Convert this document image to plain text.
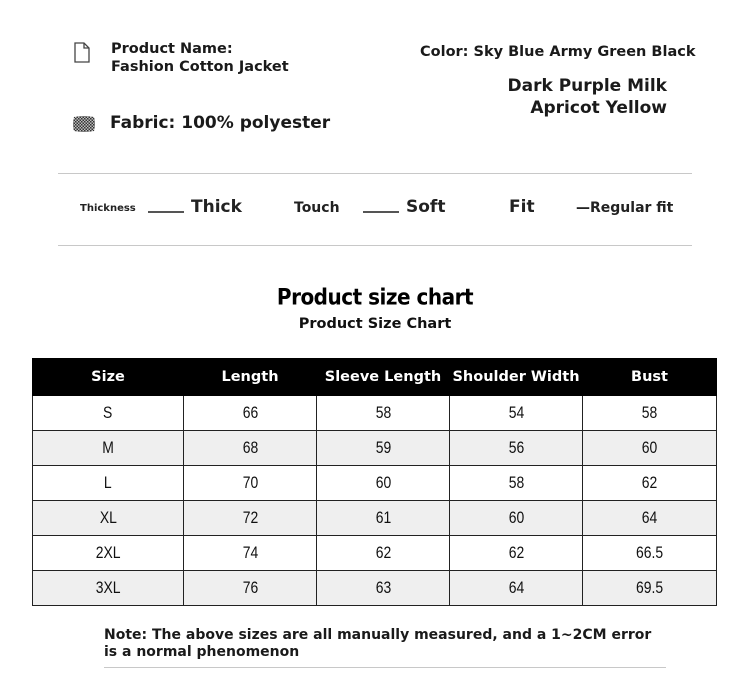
Product Name:
Fashion Cotton Jacket
Fabric: 100% polyester
Color: Sky Blue Army Green Black
Dark Purple Milk
Apricot Yellow
Thickness	Thick	Touch	Soft	Fit	—Regular fit
Product size chart
Product Size Chart
Size	Length	Sleeve Length	Shoulder Width	Bust
S	66	58	54	58
M	68	59	56	60
L	70	60	58	62
XL	72	61	60	64
2XL	74	62	62	66.5
3XL	76	63	64	69.5
Note: The above sizes are all manually measured, and a 1~2CM error is a normal phenomenon
